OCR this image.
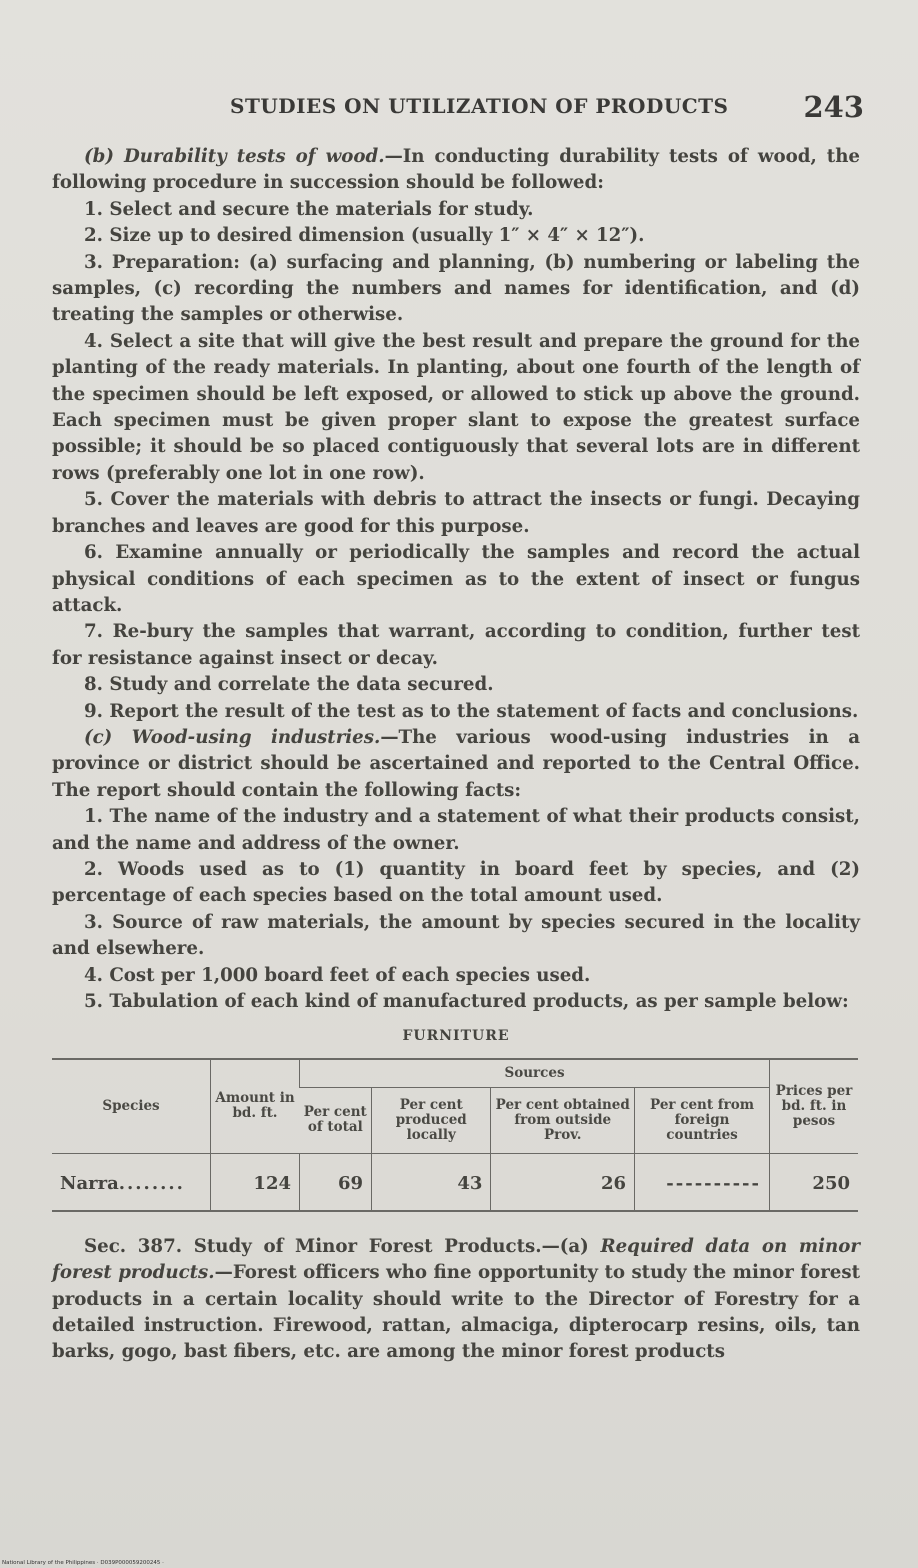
STUDIES ON UTILIZATION OF PRODUCTS	243

(b) Durability tests of wood.—In conducting durability tests of wood, the following procedure in succession should be followed:

1. Select and secure the materials for study.

2. Size up to desired dimension (usually 1″ × 4″ × 12″).

3. Preparation: (a) surfacing and planning, (b) numbering or labeling the samples, (c) recording the numbers and names for identification, and (d) treating the samples or otherwise.

4. Select a site that will give the best result and prepare the ground for the planting of the ready materials. In planting, about one fourth of the length of the specimen should be left exposed, or allowed to stick up above the ground. Each specimen must be given proper slant to expose the greatest surface possible; it should be so placed contiguously that several lots are in different rows (preferably one lot in one row).

5. Cover the materials with debris to attract the insects or fungi. Decaying branches and leaves are good for this purpose.

6. Examine annually or periodically the samples and record the actual physical conditions of each specimen as to the extent of insect or fungus attack.

7. Re-bury the samples that warrant, according to condition, further test for resistance against insect or decay.

8. Study and correlate the data secured.

9. Report the result of the test as to the statement of facts and conclusions.

(c) Wood-using industries.—The various wood-using industries in a province or district should be ascertained and reported to the Central Office. The report should contain the following facts:

1. The name of the industry and a statement of what their products consist, and the name and address of the owner.

2. Woods used as to (1) quantity in board feet by species, and (2) percentage of each species based on the total amount used.

3. Source of raw materials, the amount by species secured in the locality and elsewhere.

4. Cost per 1,000 board feet of each species used.

5. Tabulation of each kind of manufactured products, as per sample below:

FURNITURE
Species	Amount in bd. ft.	Sources				Prices per bd. ft. in pesos
		Per cent of total	Per cent produced locally	Per cent obtained from outside Prov.	Per cent from foreign countries	
Narra........	124	69	43	26	----------	250

Sec. 387. Study of Minor Forest Products.—(a) Required data on minor forest products.—Forest officers who fine opportunity to study the minor forest products in a certain locality should write to the Director of Forestry for a detailed instruction. Firewood, rattan, almaciga, dipterocarp resins, oils, tan barks, gogo, bast fibers, etc. are among the minor forest products

National Library of the Philippines · D039P000059200245 ·
